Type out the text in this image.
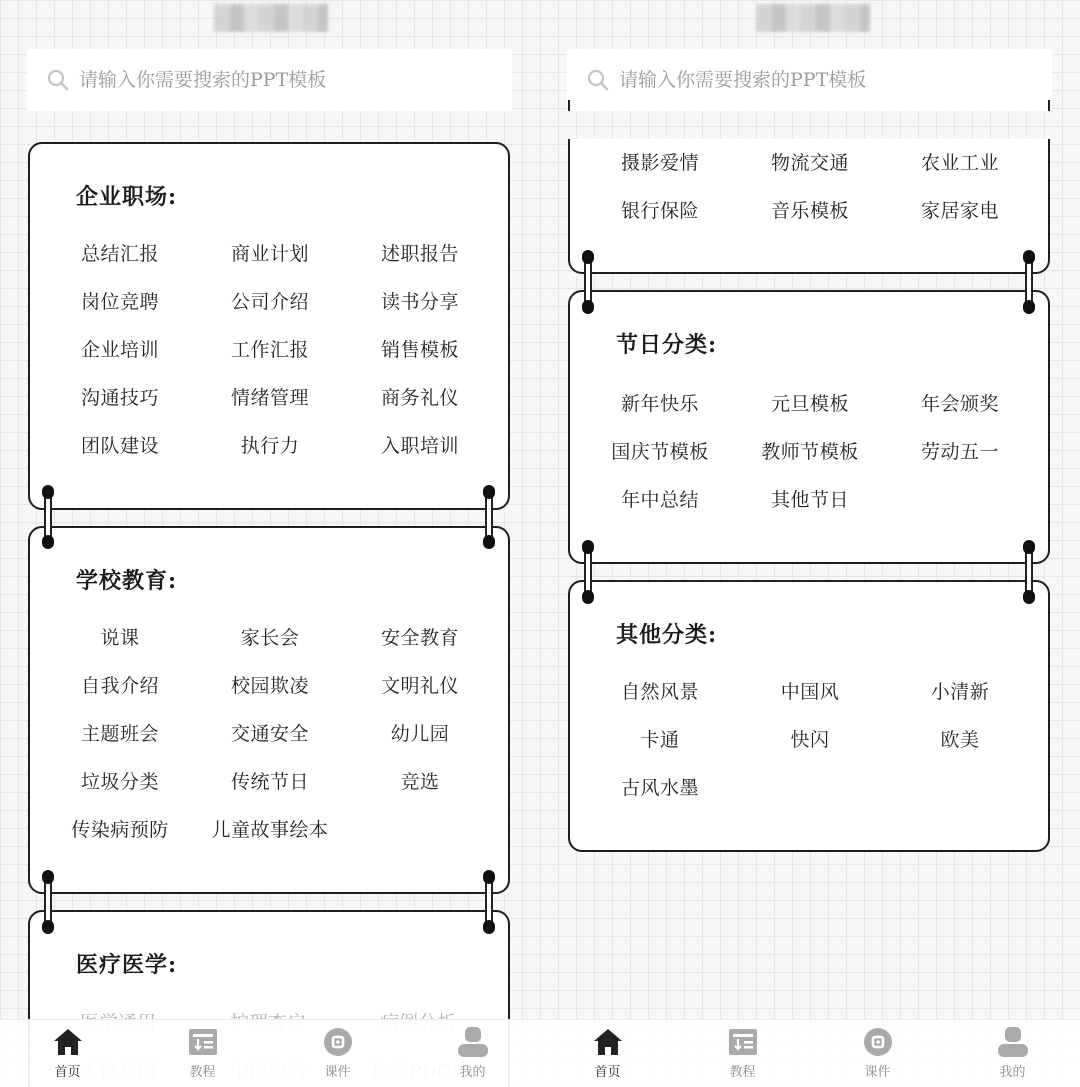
请输入你需要搜索的PPT模板
企业职场:
总结汇报	商业计划	述职报告
岗位竞聘	公司介绍	读书分享
企业培训	工作汇报	销售模板
沟通技巧	情绪管理	商务礼仪
团队建设	执行力	入职培训
学校教育:
说课	家长会	安全教育
自我介绍	校园欺凌	文明礼仪
主题班会	交通安全	幼儿园
垃圾分类	传统节日	竞选
传染病预防	儿童故事绘本
医疗医学:
首页	教程	课件	我的
请输入你需要搜索的PPT模板
摄影爱情	物流交通	农业工业
银行保险	音乐模板	家居家电
节日分类:
新年快乐	元旦模板	年会颁奖
国庆节模板	教师节模板	劳动五一
年中总结	其他节日
其他分类:
自然风景	中国风	小清新
卡通	快闪	欧美
古风水墨
首页	教程	课件	我的
